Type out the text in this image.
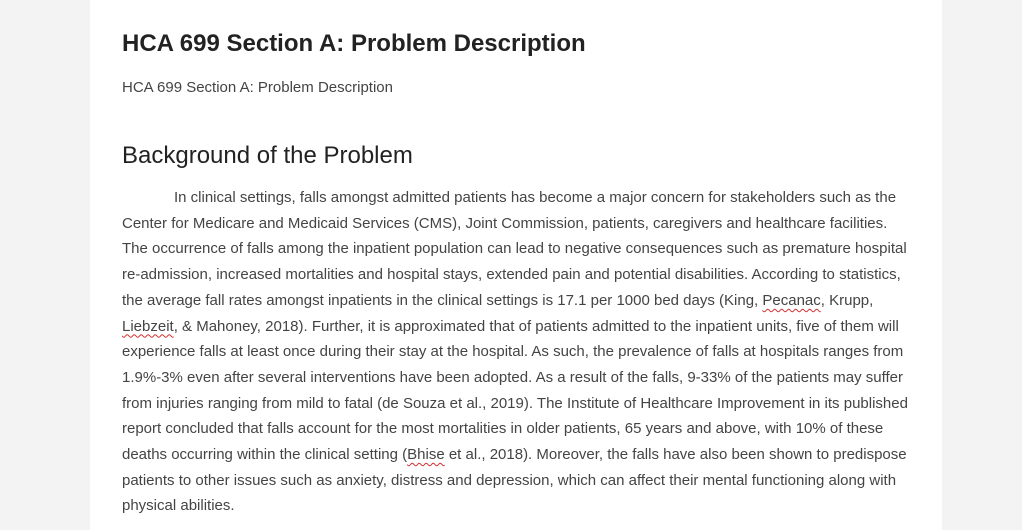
HCA 699 Section A: Problem Description

HCA 699 Section A: Problem Description

Background of the Problem

In clinical settings, falls amongst admitted patients has become a major concern for stakeholders such as the Center for Medicare and Medicaid Services (CMS), Joint Commission, patients, caregivers and healthcare facilities. The occurrence of falls among the inpatient population can lead to negative consequences such as premature hospital re-admission, increased mortalities and hospital stays, extended pain and potential disabilities. According to statistics, the average fall rates amongst inpatients in the clinical settings is 17.1 per 1000 bed days (King, Pecanac, Krupp, Liebzeit, & Mahoney, 2018). Further, it is approximated that of patients admitted to the inpatient units, five of them will experience falls at least once during their stay at the hospital. As such, the prevalence of falls at hospitals ranges from 1.9%-3% even after several interventions have been adopted. As a result of the falls, 9-33% of the patients may suffer from injuries ranging from mild to fatal (de Souza et al., 2019). The Institute of Healthcare Improvement in its published report concluded that falls account for the most mortalities in older patients, 65 years and above, with 10% of these deaths occurring within the clinical setting (Bhise et al., 2018). Moreover, the falls have also been shown to predispose patients to other issues such as anxiety, distress and depression, which can affect their mental functioning along with physical abilities.
